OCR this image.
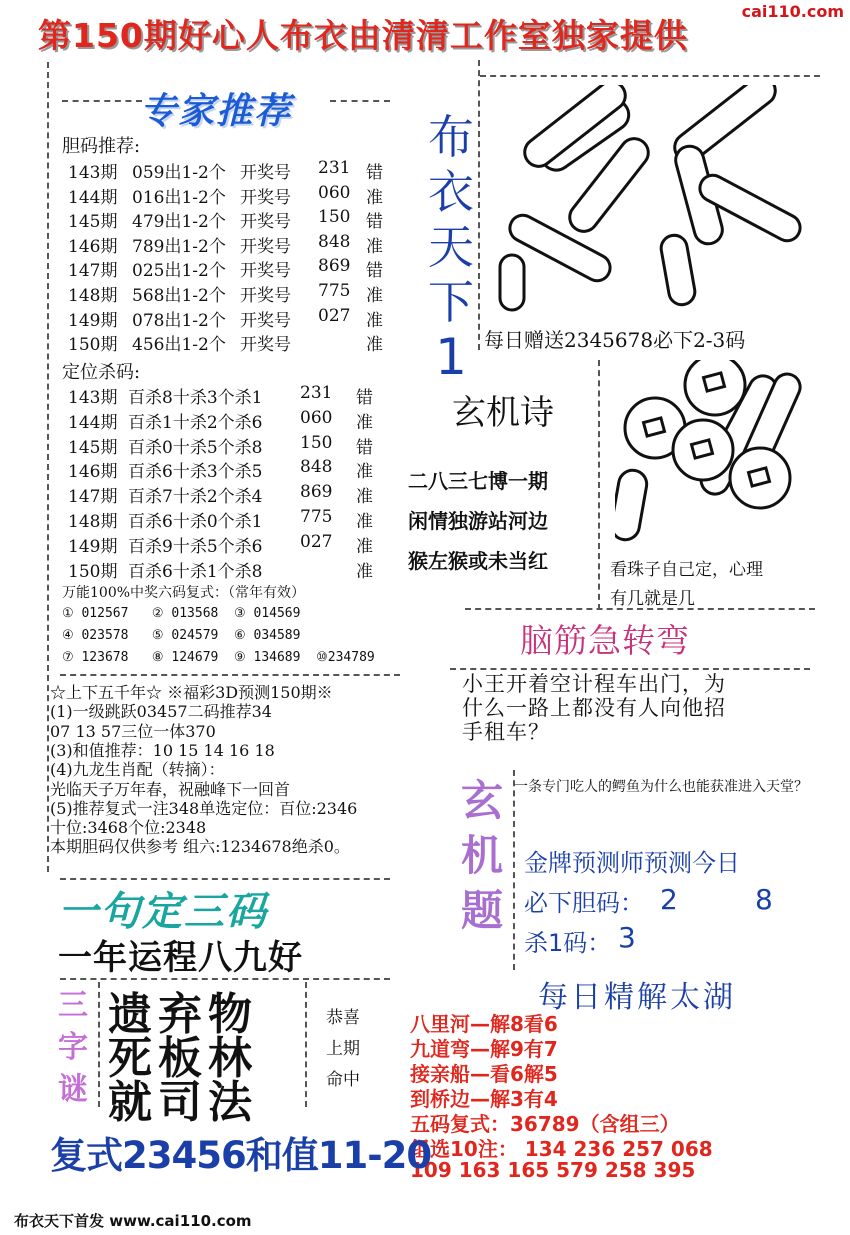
第150期好心人布衣由清清工作室独家提供
cai110.com
专家推荐
胆码推荐:
143期 059出1-2个 开奖号 231 错
144期 016出1-2个 开奖号 060 准
145期 479出1-2个 开奖号 150 错
146期 789出1-2个 开奖号 848 准
147期 025出1-2个 开奖号 869 错
148期 568出1-2个 开奖号 775 准
149期 078出1-2个 开奖号 027 准
150期 456出1-2个 开奖号	准
定位杀码:
143期 百杀8十杀3个杀1 231 错
144期 百杀1十杀2个杀6 060 准
145期 百杀0十杀5个杀8 150 错
146期 百杀6十杀3个杀5 848 准
147期 百杀7十杀2个杀4 869 准
148期 百杀6十杀0个杀1 775 准
149期 百杀9十杀5个杀6 027 准
150期 百杀6十杀1个杀8	准
万能100%中奖六码复式：（常年有效）
① 012567   ② 013568  ③ 014569
④ 023578   ⑤ 024579  ⑥ 034589
⑦ 123678   ⑧ 124679  ⑨ 134689  ⑩234789
☆上下五千年☆ ※福彩3D预测150期※
(1)一级跳跃03457二码推荐34
07 13 57三位一体370
(3)和值推荐：10 15 14 16 18
(4)九龙生肖配（转摘）：
光临天子万年春，祝融峰下一回首
(5)推荐复式一注348单选定位：百位:2346
十位:3468个位:2348
本期胆码仅供参考 组六:1234678绝杀0。
布
衣
天
下
1 每日赠送2345678必下2-3码
玄机诗
二八三七博一期
闲情独游站河边
猴左猴或未当红	看珠子自己定，心理
有几就是几
脑筋急转弯
小王开着空计程车出门，为
什么一路上都没有人向他招
手租车？
玄
机
题
一条专门吃人的鳄鱼为什么也能获准进入天堂？
金牌预测师预测今日
必下胆码： 2	8
杀1码： 3
每日精解太湖
八里河—解8看6
九道弯—解9有7
接亲船—看6解5
到桥边—解3有4
五码复式：36789（含组三）
组选10注： 134 236 257 068
109 163 165 579 258 395
一句定三码
一年运程八九好
三
字
谜
遗弃物
死板林
就司法
恭喜
上期
命中
复式23456和值11-20
布衣天下首发 www.cai110.com
